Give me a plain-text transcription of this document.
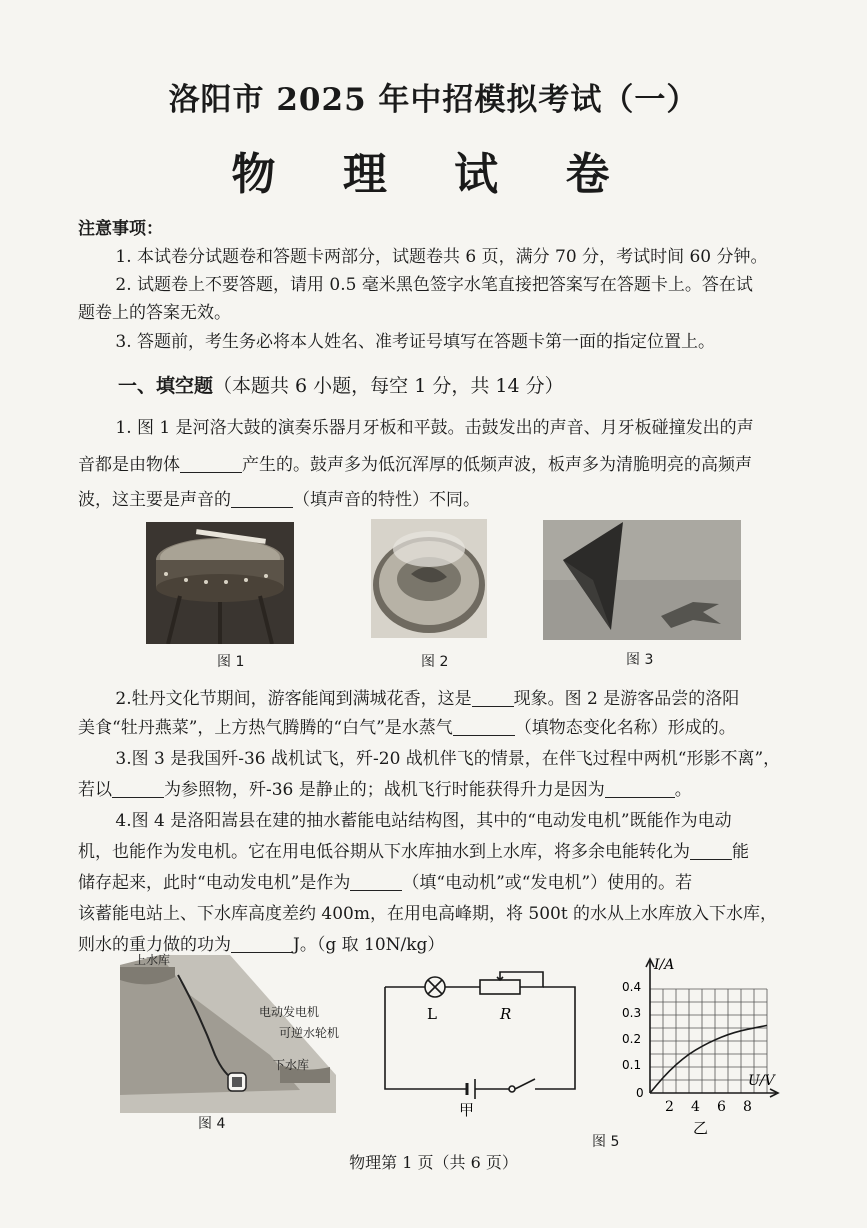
洛阳市 2025 年中招模拟考试（一）
物 理 试 卷
注意事项：
1. 本试卷分试题卷和答题卡两部分，试题卷共 6 页，满分 70 分，考试时间 60 分钟。
2. 试题卷上不要答题，请用 0.5 毫米黑色签字水笔直接把答案写在答题卡上。答在试
题卷上的答案无效。
3. 答题前，考生务必将本人姓名、准考证号填写在答题卡第一面的指定位置上。
一、填空题（本题共 6 小题，每空 1 分，共 14 分）
1. 图 1 是河洛大鼓的演奏乐器月牙板和平鼓。击鼓发出的声音、月牙板碰撞发出的声
音都是由物体	产生的。鼓声多为低沉浑厚的低频声波，板声多为清脆明亮的高频声
波，这主要是声音的	（填声音的特性）不同。
图 1	图 2	图 3
2.牡丹文化节期间，游客能闻到满城花香，这是 现象。图 2 是游客品尝的洛阳
美食“牡丹燕菜”，上方热气腾腾的“白气”是水蒸气	（填物态变化名称）形成的。
3.图 3 是我国歼-36 战机试飞，歼-20 战机伴飞的情景，在伴飞过程中两机“形影不离”，
若以	为参照物，歼-36 是静止的；战机飞行时能获得升力是因为	。
4.图 4 是洛阳嵩县在建的抽水蓄能电站结构图，其中的“电动发电机”既能作为电动
机，也能作为发电机。它在用电低谷期从下水库抽水到上水库，将多余电能转化为 能
储存起来，此时“电动发电机”是作为	（填“电动机”或“发电机”）使用的。若
该蓄能电站上、下水库高度差约 400m，在用电高峰期，将 500t 的水从上水库放入下水库，
则水的重力做的功为	J。（g 取 10N/kg）
上水库
电动发电机
可逆水轮机
下水库
图 4
L	R
甲
I/A
U/V
0.4
0.3
0.2
0.1
0
2 4 6 8
乙
图 5
物理第 1 页（共 6 页）
